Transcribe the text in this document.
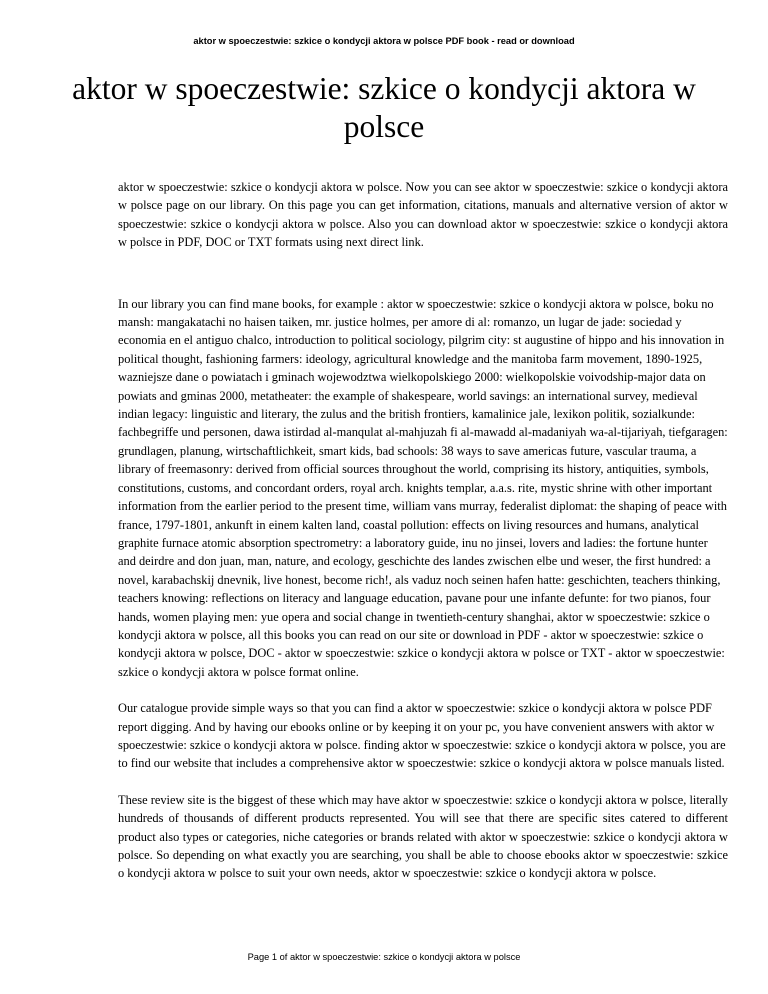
aktor w spoeczestwie: szkice o kondycji aktora w polsce PDF book - read or download
aktor w spoeczestwie: szkice o kondycji aktora w polsce

aktor w spoeczestwie: szkice o kondycji aktora w polsce. Now you can see aktor w spoeczestwie: szkice o kondycji aktora w polsce page on our library. On this page you can get information, citations, manuals and alternative version of aktor w spoeczestwie: szkice o kondycji aktora w polsce. Also you can download aktor w spoeczestwie: szkice o kondycji aktora w polsce in PDF, DOC or TXT formats using next direct link.

In our library you can find mane books, for example : aktor w spoeczestwie: szkice o kondycji aktora w polsce, boku no mansh: mangakatachi no haisen taiken, mr. justice holmes, per amore di al: romanzo, un lugar de jade: sociedad y economia en el antiguo chalco, introduction to political sociology, pilgrim city: st augustine of hippo and his innovation in political thought, fashioning farmers: ideology, agricultural knowledge and the manitoba farm movement, 1890-1925, wazniejsze dane o powiatach i gminach wojewodztwa wielkopolskiego 2000: wielkopolskie voivodship-major data on powiats and gminas 2000, metatheater: the example of shakespeare, world savings: an international survey, medieval indian legacy: linguistic and literary, the zulus and the british frontiers, kamalinice jale, lexikon politik, sozialkunde: fachbegriffe und personen, dawa istirdad al-manqulat al-mahjuzah fi al-mawadd al-madaniyah wa-al-tijariyah, tiefgaragen: grundlagen, planung, wirtschaftlichkeit, smart kids, bad schools: 38 ways to save americas future, vascular trauma, a library of freemasonry: derived from official sources throughout the world, comprising its history, antiquities, symbols, constitutions, customs, and concordant orders, royal arch. knights templar, a.a.s. rite, mystic shrine with other important information from the earlier period to the present time, william vans murray, federalist diplomat: the shaping of peace with france, 1797-1801, ankunft in einem kalten land, coastal pollution: effects on living resources and humans, analytical graphite furnace atomic absorption spectrometry: a laboratory guide, inu no jinsei, lovers and ladies: the fortune hunter and deirdre and don juan, man, nature, and ecology, geschichte des landes zwischen elbe und weser, the first hundred: a novel, karabachskij dnevnik, live honest, become rich!, als vaduz noch seinen hafen hatte: geschichten, teachers thinking, teachers knowing: reflections on literacy and language education, pavane pour une infante defunte: for two pianos, four hands, women playing men: yue opera and social change in twentieth-century shanghai, aktor w spoeczestwie: szkice o kondycji aktora w polsce, all this books you can read on our site or download in PDF - aktor w spoeczestwie: szkice o kondycji aktora w polsce, DOC - aktor w spoeczestwie: szkice o kondycji aktora w polsce or TXT - aktor w spoeczestwie: szkice o kondycji aktora w polsce format online.

Our catalogue provide simple ways so that you can find a aktor w spoeczestwie: szkice o kondycji aktora w polsce PDF report digging. And by having our ebooks online or by keeping it on your pc, you have convenient answers with aktor w spoeczestwie: szkice o kondycji aktora w polsce. finding aktor w spoeczestwie: szkice o kondycji aktora w polsce, you are to find our website that includes a comprehensive aktor w spoeczestwie: szkice o kondycji aktora w polsce manuals listed.

These review site is the biggest of these which may have aktor w spoeczestwie: szkice o kondycji aktora w polsce, literally hundreds of thousands of different products represented. You will see that there are specific sites catered to different product also types or categories, niche categories or brands related with aktor w spoeczestwie: szkice o kondycji aktora w polsce. So depending on what exactly you are searching, you shall be able to choose ebooks aktor w spoeczestwie: szkice o kondycji aktora w polsce to suit your own needs, aktor w spoeczestwie: szkice o kondycji aktora w polsce.

Page 1 of aktor w spoeczestwie: szkice o kondycji aktora w polsce
